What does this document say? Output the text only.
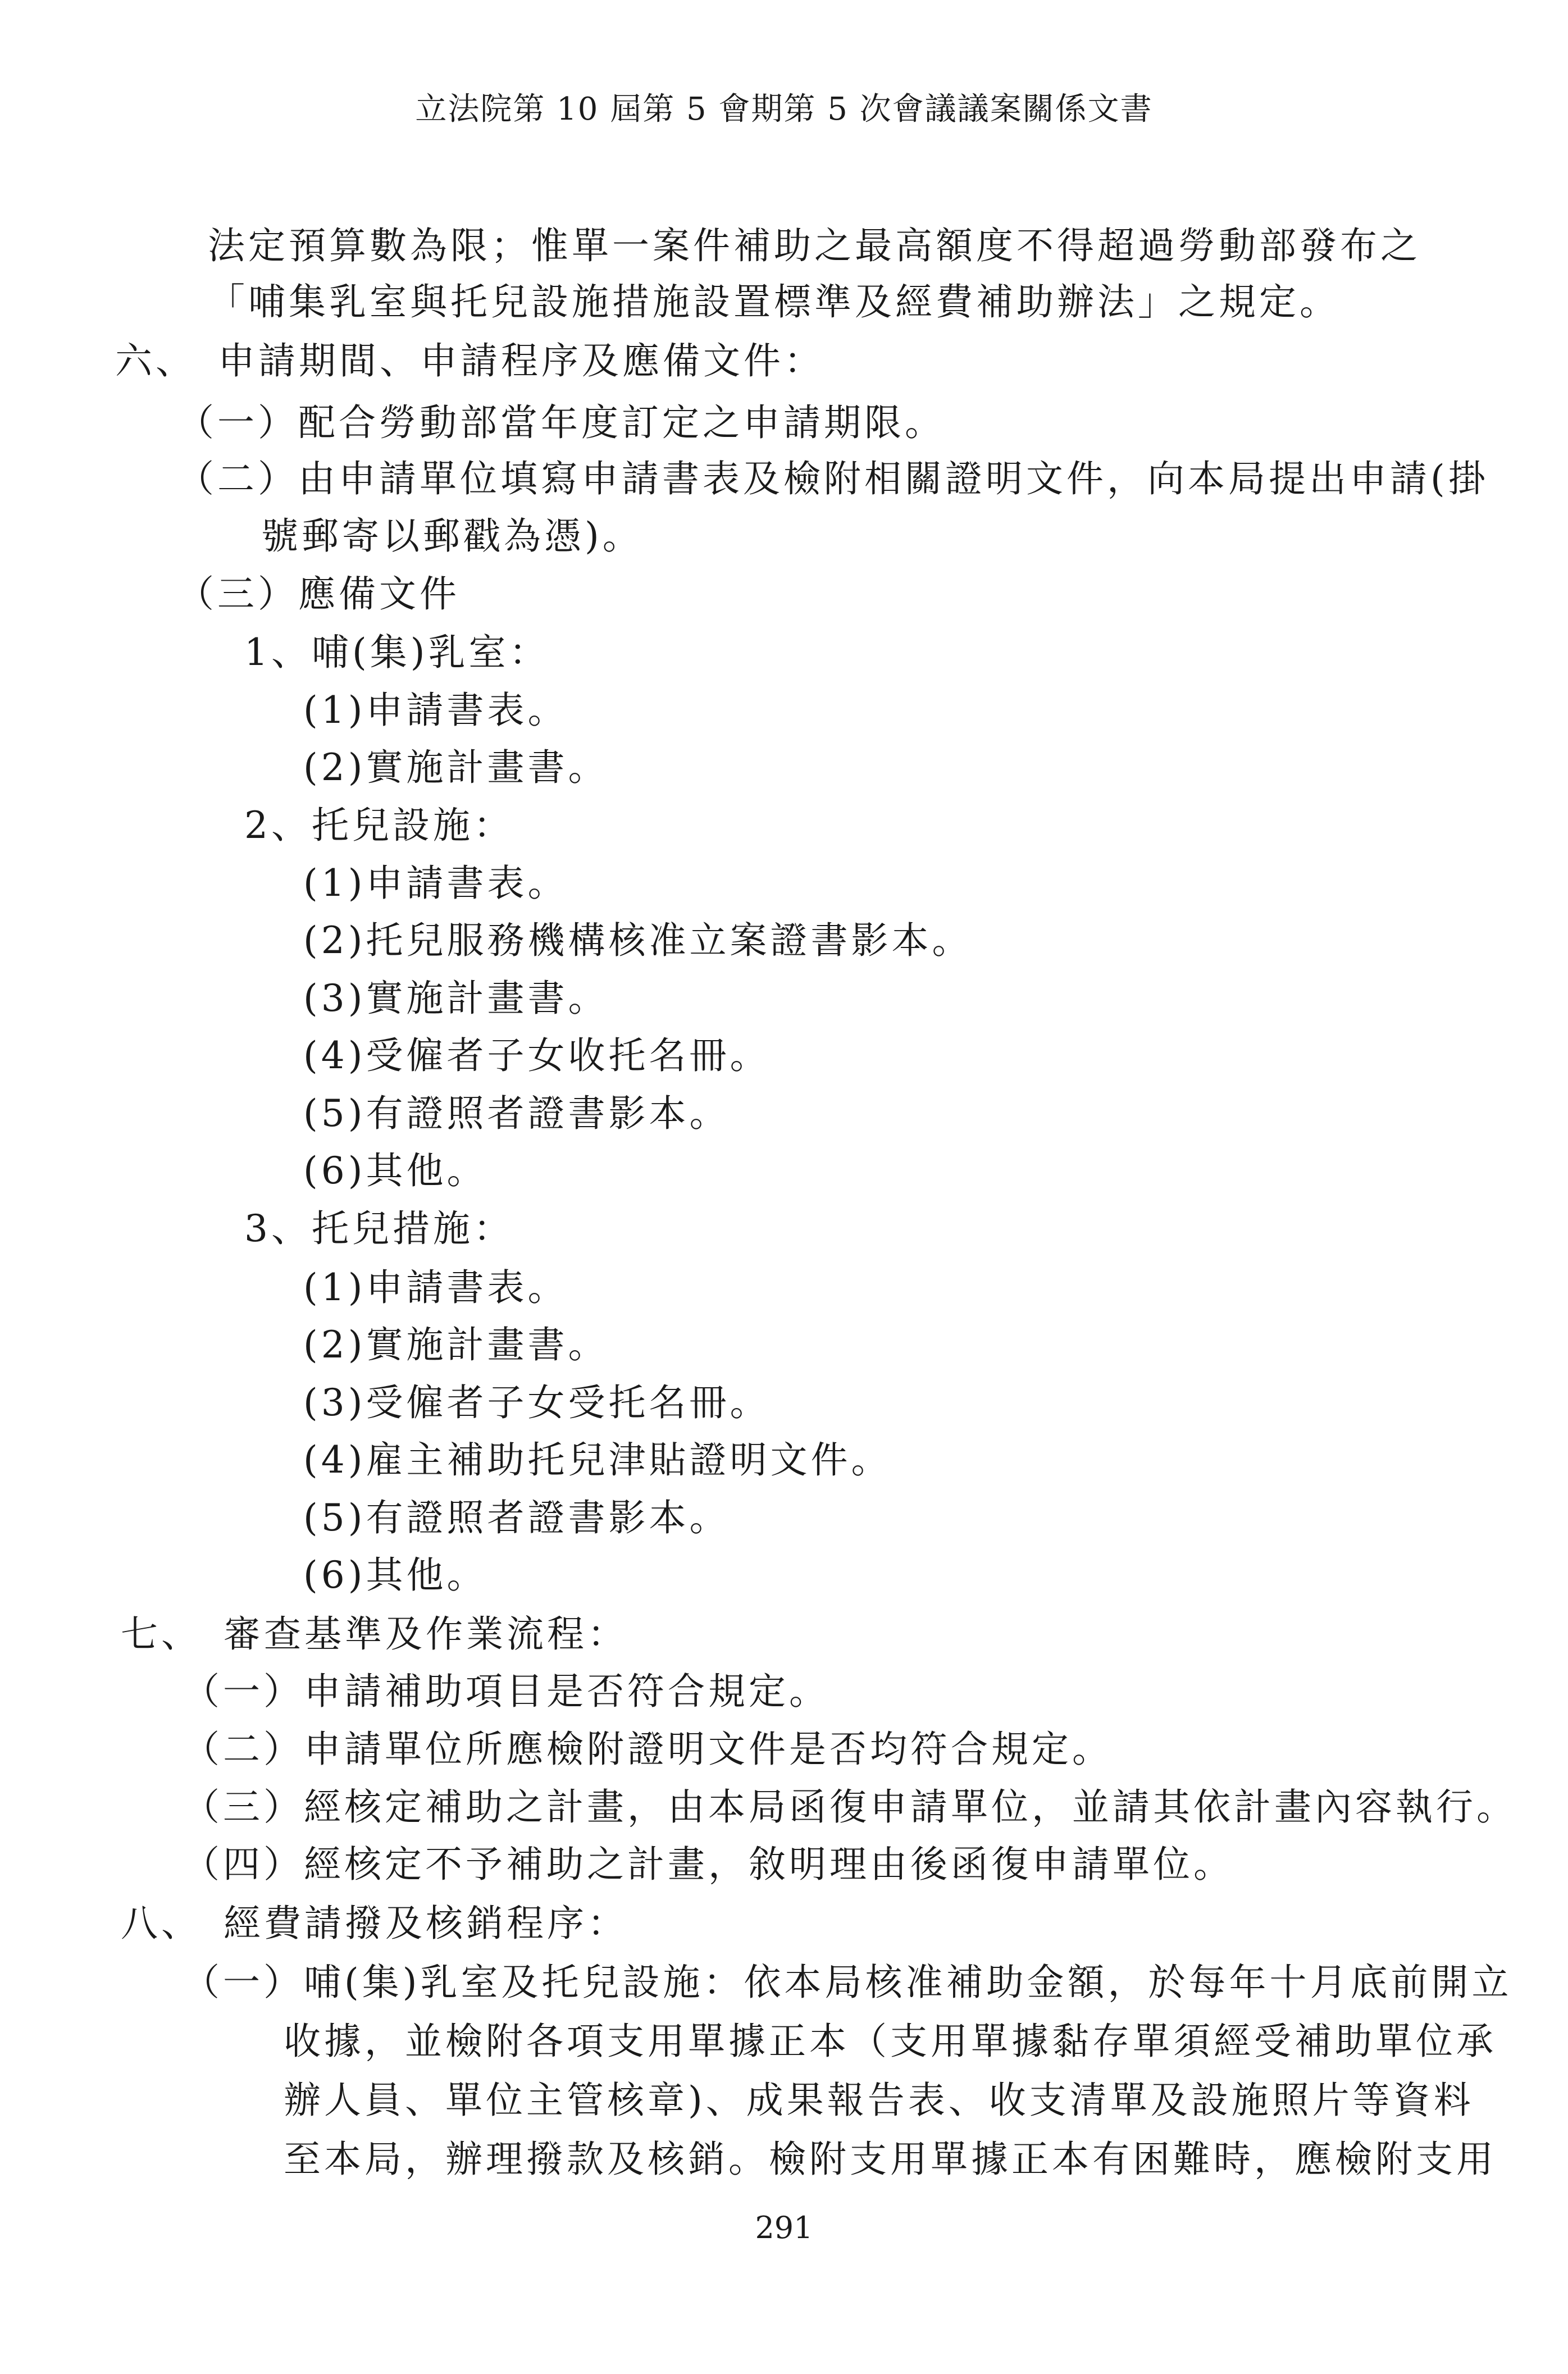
立法院第 10 屆第 5 會期第 5 次會議議案關係文書
法定預算數為限；惟單一案件補助之最高額度不得超過勞動部發布之
「哺集乳室與托兒設施措施設置標準及經費補助辦法」之規定。
六、　申請期間、申請程序及應備文件：
（一）配合勞動部當年度訂定之申請期限。
（二）由申請單位填寫申請書表及檢附相關證明文件，向本局提出申請(掛
號郵寄以郵戳為憑)。
（三）應備文件
1、哺(集)乳室：
(1)申請書表。
(2)實施計畫書。
2、托兒設施：
(1)申請書表。
(2)托兒服務機構核准立案證書影本。
(3)實施計畫書。
(4)受僱者子女收托名冊。
(5)有證照者證書影本。
(6)其他。
3、托兒措施：
(1)申請書表。
(2)實施計畫書。
(3)受僱者子女受托名冊。
(4)雇主補助托兒津貼證明文件。
(5)有證照者證書影本。
(6)其他。
七、　審查基準及作業流程：
（一）申請補助項目是否符合規定。
（二）申請單位所應檢附證明文件是否均符合規定。
（三）經核定補助之計畫，由本局函復申請單位，並請其依計畫內容執行。
（四）經核定不予補助之計畫，敘明理由後函復申請單位。
八、　經費請撥及核銷程序：
（一）哺(集)乳室及托兒設施：依本局核准補助金額，於每年十月底前開立
收據，並檢附各項支用單據正本（支用單據黏存單須經受補助單位承
辦人員、單位主管核章)、成果報告表、收支清單及設施照片等資料
至本局，辦理撥款及核銷。檢附支用單據正本有困難時，應檢附支用
291
